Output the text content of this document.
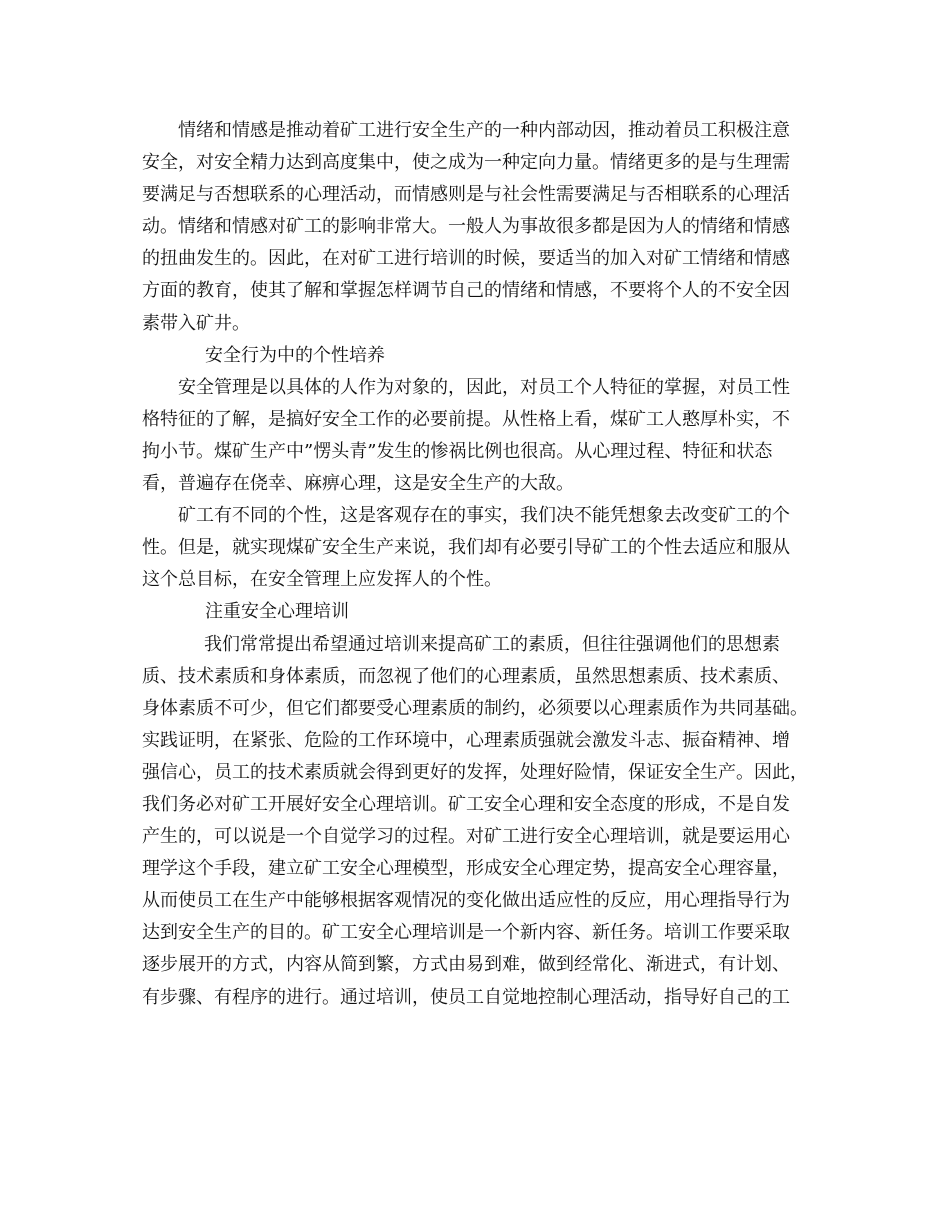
情绪和情感是推动着矿工进行安全生产的一种内部动因，推动着员工积极注意
安全，对安全精力达到高度集中，使之成为一种定向力量。情绪更多的是与生理需
要满足与否想联系的心理活动，而情感则是与社会性需要满足与否相联系的心理活
动。情绪和情感对矿工的影响非常大。一般人为事故很多都是因为人的情绪和情感
的扭曲发生的。因此，在对矿工进行培训的时候，要适当的加入对矿工情绪和情感
方面的教育，使其了解和掌握怎样调节自己的情绪和情感，不要将个人的不安全因
素带入矿井。
安全行为中的个性培养
安全管理是以具体的人作为对象的，因此，对员工个人特征的掌握，对员工性
格特征的了解，是搞好安全工作的必要前提。从性格上看，煤矿工人憨厚朴实，不
拘小节。煤矿生产中”愣头青”发生的惨祸比例也很高。从心理过程、特征和状态
看，普遍存在侥幸、麻痹心理，这是安全生产的大敌。
矿工有不同的个性，这是客观存在的事实，我们决不能凭想象去改变矿工的个
性。但是，就实现煤矿安全生产来说，我们却有必要引导矿工的个性去适应和服从
这个总目标，在安全管理上应发挥人的个性。
注重安全心理培训
我们常常提出希望通过培训来提高矿工的素质，但往往强调他们的思想素
质、技术素质和身体素质，而忽视了他们的心理素质，虽然思想素质、技术素质、
身体素质不可少，但它们都要受心理素质的制约，必须要以心理素质作为共同基础。
实践证明，在紧张、危险的工作环境中，心理素质强就会激发斗志、振奋精神、增
强信心，员工的技术素质就会得到更好的发挥，处理好险情，保证安全生产。因此，
我们务必对矿工开展好安全心理培训。矿工安全心理和安全态度的形成，不是自发
产生的，可以说是一个自觉学习的过程。对矿工进行安全心理培训，就是要运用心
理学这个手段，建立矿工安全心理模型，形成安全心理定势，提高安全心理容量，
从而使员工在生产中能够根据客观情况的变化做出适应性的反应，用心理指导行为
达到安全生产的目的。矿工安全心理培训是一个新内容、新任务。培训工作要采取
逐步展开的方式，内容从简到繁，方式由易到难，做到经常化、渐进式，有计划、
有步骤、有程序的进行。通过培训，使员工自觉地控制心理活动，指导好自己的工
